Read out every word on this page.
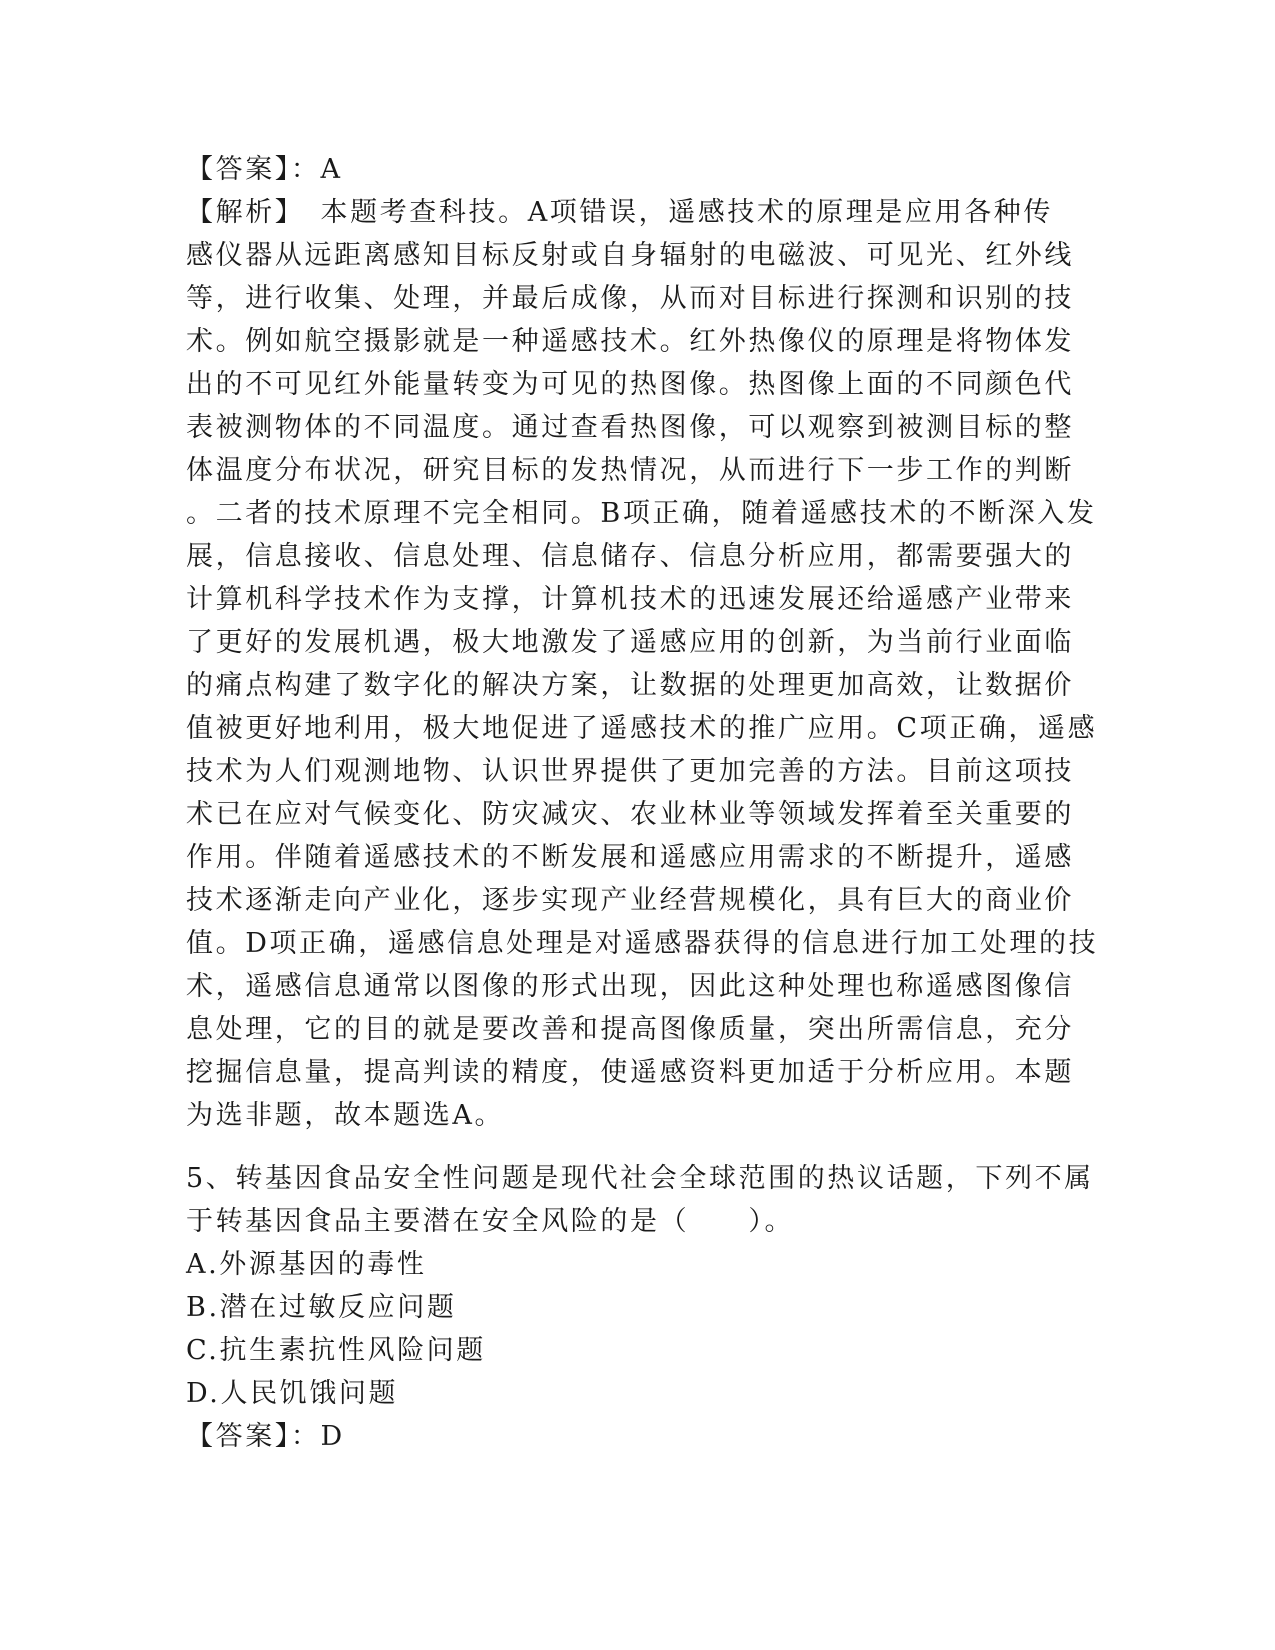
【答案】：A
【解析】　本题考查科技。A项错误，遥感技术的原理是应用各种传
感仪器从远距离感知目标反射或自身辐射的电磁波、可见光、红外线
等，进行收集、处理，并最后成像，从而对目标进行探测和识别的技
术。例如航空摄影就是一种遥感技术。红外热像仪的原理是将物体发
出的不可见红外能量转变为可见的热图像。热图像上面的不同颜色代
表被测物体的不同温度。通过查看热图像，可以观察到被测目标的整
体温度分布状况，研究目标的发热情况，从而进行下一步工作的判断
。二者的技术原理不完全相同。B项正确，随着遥感技术的不断深入发
展，信息接收、信息处理、信息储存、信息分析应用，都需要强大的
计算机科学技术作为支撑，计算机技术的迅速发展还给遥感产业带来
了更好的发展机遇，极大地激发了遥感应用的创新，为当前行业面临
的痛点构建了数字化的解决方案，让数据的处理更加高效，让数据价
值被更好地利用，极大地促进了遥感技术的推广应用。C项正确，遥感
技术为人们观测地物、认识世界提供了更加完善的方法。目前这项技
术已在应对气候变化、防灾减灾、农业林业等领域发挥着至关重要的
作用。伴随着遥感技术的不断发展和遥感应用需求的不断提升，遥感
技术逐渐走向产业化，逐步实现产业经营规模化，具有巨大的商业价
值。D项正确，遥感信息处理是对遥感器获得的信息进行加工处理的技
术，遥感信息通常以图像的形式出现，因此这种处理也称遥感图像信
息处理，它的目的就是要改善和提高图像质量，突出所需信息，充分
挖掘信息量，提高判读的精度，使遥感资料更加适于分析应用。本题
为选非题，故本题选A。
5、转基因食品安全性问题是现代社会全球范围的热议话题，下列不属
于转基因食品主要潜在安全风险的是（　　）。
A.外源基因的毒性
B.潜在过敏反应问题
C.抗生素抗性风险问题
D.人民饥饿问题
【答案】：D
